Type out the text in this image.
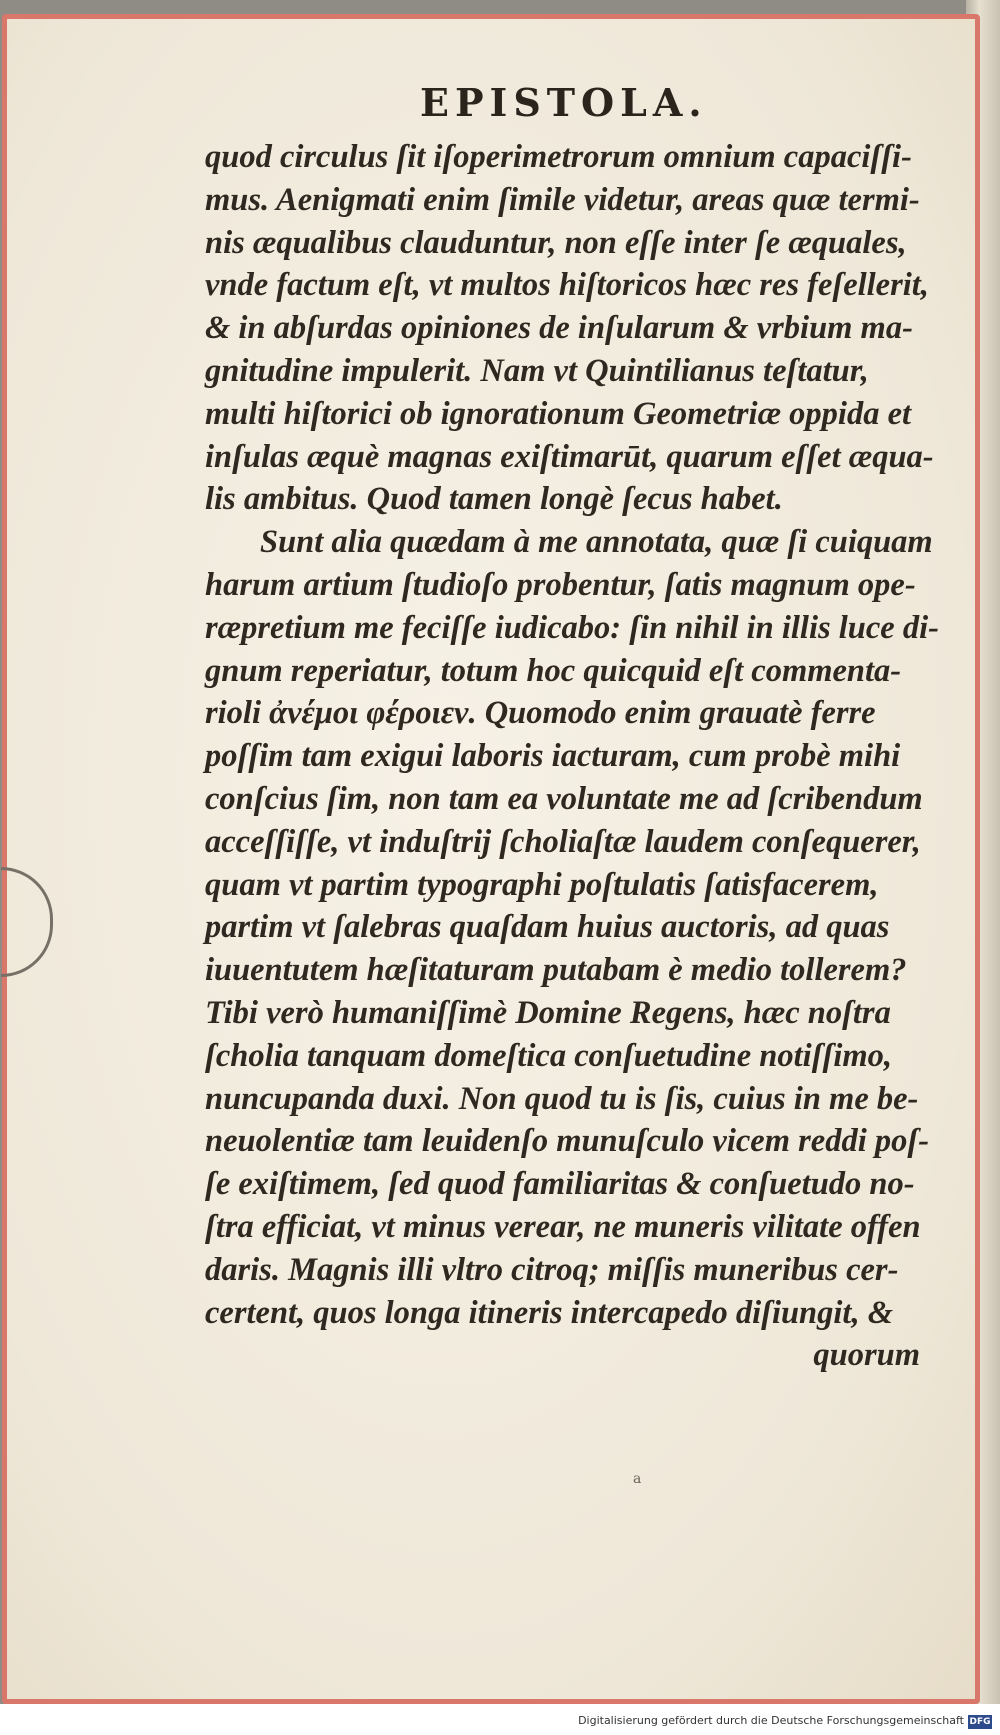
EPISTOLA.
quod circulus ſit iſoperimetrorum omnium capaciſſi-
mus. Aenigmati enim ſimile videtur, areas quæ termi-
nis æqualibus clauduntur, non eſſe inter ſe æquales,
vnde factum eſt, vt multos hiſtoricos hæc res feſellerit,
& in abſurdas opiniones de inſularum & vrbium ma-
gnitudine impulerit. Nam vt Quintilianus teſtatur,
multi hiſtorici ob ignorationum Geometriæ oppida et
inſulas æquè magnas exiſtimarūt, quarum eſſet æqua-
lis ambitus. Quod tamen longè ſecus habet.
Sunt alia quædam à me annotata, quæ ſi cuiquam
harum artium ſtudioſo probentur, ſatis magnum ope-
ræpretium me feciſſe iudicabo: ſin nihil in illis luce di-
gnum reperiatur, totum hoc quicquid eſt commenta-
rioli ἀνέμοι φέροιεν. Quomodo enim grauatè ferre
poſſim tam exigui laboris iacturam, cum probè mihi
conſcius ſim, non tam ea voluntate me ad ſcribendum
acceſſiſſe, vt induſtrij ſcholiaſtæ laudem conſequerer,
quam vt partim typographi poſtulatis ſatisfacerem,
partim vt ſalebras quaſdam huius auctoris, ad quas
iuuentutem hæſitaturam putabam è medio tollerem?
Tibi verò humaniſſimè Domine Regens, hæc noſtra
ſcholia tanquam domeſtica conſuetudine notiſſimo,
nuncupanda duxi. Non quod tu is ſis, cuius in me be-
neuolentiæ tam leuidenſo munuſculo vicem reddi poſ-
ſe exiſtimem, ſed quod familiaritas & conſuetudo no-
ſtra efficiat, vt minus verear, ne muneris vilitate offen
daris. Magnis illi vltro citroq; miſſis muneribus cer-
certent, quos longa itineris intercapedo diſiungit, &
quorum
a
Digitalisierung gefördert durch die Deutsche Forschungsgemeinschaft DFG
